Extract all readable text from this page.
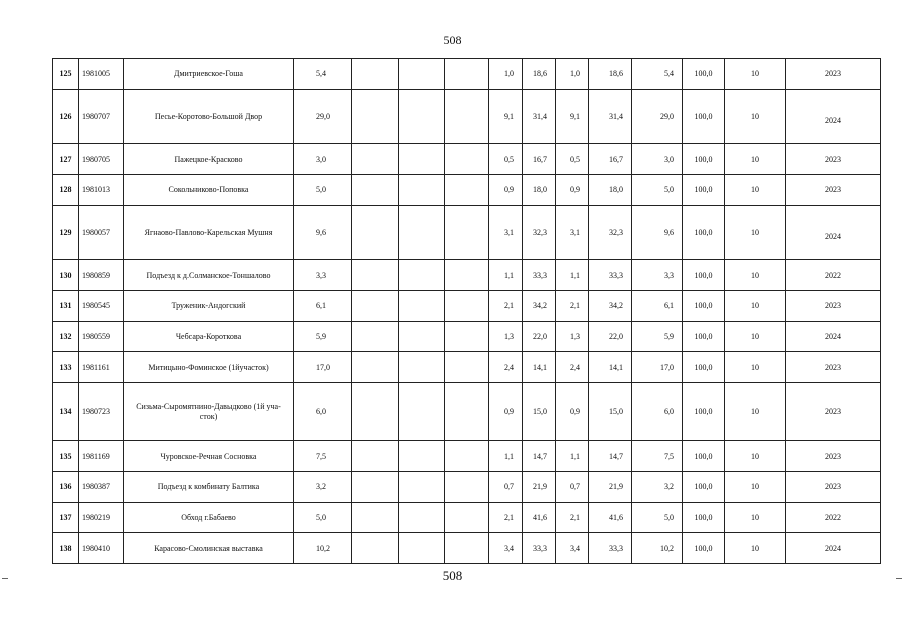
508
125	1981005	Дмитриевское-Гоша	5,4				1,0	18,6	1,0	18,6	5,4	100,0	10	2023
126	1980707	Песье-Коротово-Большой Двор	29,0				9,1	31,4	9,1	31,4	29,0	100,0	10	2024
127	1980705	Пажецкое-Красково	3,0				0,5	16,7	0,5	16,7	3,0	100,0	10	2023
128	1981013	Сокольниково-Поповка	5,0				0,9	18,0	0,9	18,0	5,0	100,0	10	2023
129	1980057	Ягнаово-Павлово-Карельская Мушня	9,6				3,1	32,3	3,1	32,3	9,6	100,0	10	2024
130	1980859	Подъезд к д.Солманское-Тоншалово	3,3				1,1	33,3	1,1	33,3	3,3	100,0	10	2022
131	1980545	Труженик-Андогский	6,1				2,1	34,2	2,1	34,2	6,1	100,0	10	2023
132	1980559	Чебсара-Короткова	5,9				1,3	22,0	1,3	22,0	5,9	100,0	10	2024
133	1981161	Митицыно-Фоминское (1йучасток)	17,0				2,4	14,1	2,4	14,1	17,0	100,0	10	2023
134	1980723	Сизьма-Сыромятнино-Давыдково (1й уча-сток)	6,0				0,9	15,0	0,9	15,0	6,0	100,0	10	2023
135	1981169	Чуровское-Речная Сосновка	7,5				1,1	14,7	1,1	14,7	7,5	100,0	10	2023
136	1980387	Подъезд к комбинату Балтика	3,2				0,7	21,9	0,7	21,9	3,2	100,0	10	2023
137	1980219	Обход г.Бабаево	5,0				2,1	41,6	2,1	41,6	5,0	100,0	10	2022
138	1980410	Карасово-Смолинская выставка	10,2				3,4	33,3	3,4	33,3	10,2	100,0	10	2024
508
